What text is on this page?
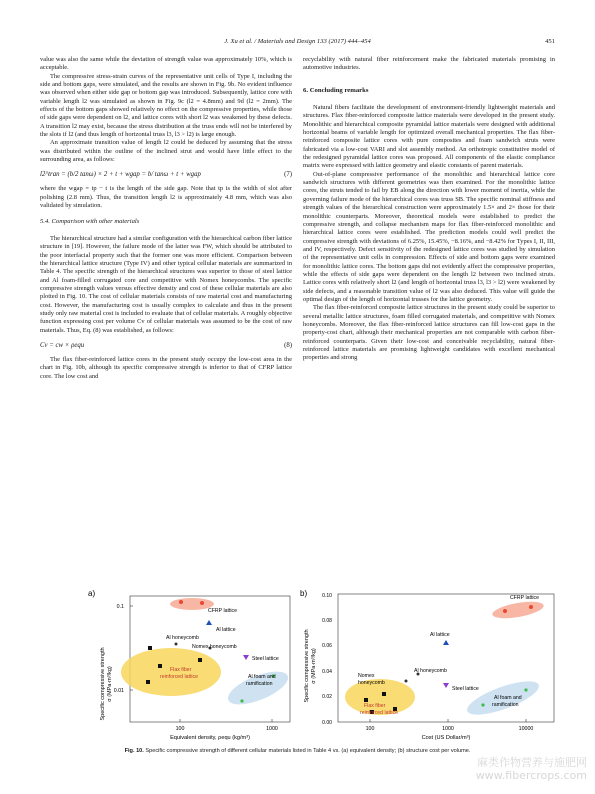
J. Xu et al. / Materials and Design 133 (2017) 444–454	451

value was also the same while the deviation of strength value was approximately 10%, which is acceptable.

The compressive stress-strain curves of the representative unit cells of Type I, including the side and bottom gaps, were simulated, and the results are shown in Fig. 9b. No evident influence was observed when either side gap or bottom gap was introduced. Subsequently, lattice core with variable length l2 was simulated as shown in Fig. 9c (l2 = 4.8mm) and 9d (l2 = 2mm). The effects of the bottom gaps showed relatively no effect on the compressive properties, while those of side gaps were dependent on l2, and lattice cores with short l2 was weakened by these defects. A transition l2 may exist, because the stress distribution at the truss ends will not be interfered by the slots if l2 (and thus length of horizontal truss l3, l3 > l2) is large enough.

An approximate transition value of length l2 could be deduced by assuming that the stress was distributed within the outline of the inclined strut and would have little effect to the surrounding area, as follows:

l2^tran = (b/2 tanω) × 2 + t + wgap = b/ tanω + t + wgap	(7)

where the wgap = tp − t is the length of the side gap. Note that tp is the width of slot after polishing (2.8 mm). Thus, the transition length l2 is approximately 4.8 mm, which was also validated by simulation.

5.4. Comparison with other materials

The hierarchical structure had a similar configuration with the hierarchical carbon fiber lattice structure in [19]. However, the failure mode of the latter was FW, which should be attributed to the poor interfacial property such that the former one was more efficient. Comparison between the hierarchical lattice structure (Type IV) and other typical cellular materials are summarized in Table 4. The specific strength of the hierarchical structures was superior to those of steel lattice and Al foam-filled corrugated core and competitive with Nomex honeycombs. The specific compressive strength values versus effective density and cost of these cellular materials are also plotted in Fig. 10. The cost of cellular materials consists of raw material cost and manufacturing cost. However, the manufacturing cost is usually complex to calculate and thus in the present study only raw material cost is included to evaluate that of cellular materials. A roughly objective function expressing cost per volume Cv of cellular materials was assumed to be the cost of raw materials. Thus, Eq. (8) was established, as follows:

Cv = cw × ρequ	(8)

The flax fiber-reinforced lattice cores in the present study occupy the low-cost area in the chart in Fig. 10b, although its specific compressive strength is inferior to that of CFRP lattice core. The low cost and

recyclability with natural fiber reinforcement make the fabricated materials promising in automotive industries.

6. Concluding remarks

Natural fibers facilitate the development of environment-friendly lightweight materials and structures. Flax fiber-reinforced composite lattice materials were developed in the present study. Monolithic and hierarchical composite pyramidal lattice materials were designed with additional horizontal beams of variable length for optimized overall mechanical properties. The flax fiber-reinforced composite lattice cores with pure composites and foam sandwich struts were fabricated via a low-cost VARI and slot assembly method. An orthotropic constitutive model of the redesigned pyramidal lattice cores was proposed. All components of the elastic compliance matrix were expressed with lattice geometry and elastic constants of parent materials.

Out-of-plane compressive performance of the monolithic and hierarchical lattice core sandwich structures with different geometries was then examined. For the monolithic lattice cores, the struts tended to fail by EB along the direction with lower moment of inertia, while the governing failure mode of the hierarchical cores was truss SB. The specific nominal stiffness and strength values of the hierarchical construction were approximately 1.5× and 2× those for their monolithic counterparts. Moreover, theoretical models were established to predict the compressive strength, and collapse mechanism maps for flax fiber-reinforced monolithic and hierarchical lattice cores were established. The prediction models could well predict the compressive strength with deviations of 6.25%, 15.45%, −8.16%, and −8.42% for Types I, II, III, and IV, respectively. Defect sensitivity of the redesigned lattice cores was studied by simulation of the representative unit cells in compression. Effects of side and bottom gaps were examined for monolithic lattice cores. The bottom gaps did not evidently affect the compressive properties, while the effects of side gaps were dependent on the length l2 between two inclined struts. Lattice cores with relatively short l2 (and length of horizontal truss l3, l3 > l2) were weakened by side defects, and a reasonable transition value of l2 was also deduced. This value will guide the optimal design of the length of horizontal trusses for the lattice geometry.

The flax fiber-reinforced composite lattice structures in the present study could be superior to several metallic lattice structures, foam filled corrugated materials, and competitive with Nomex honeycombs. Moreover, the flax fiber-reinforced lattice structures can fill low-cost gaps in the property-cost chart, although their mechanical properties are not comparable with carbon fiber-reinforced counterparts. Given their low-cost and conceivable recyclability, natural fiber-reinforced lattice materials are promising lightweight candidates with excellent mechanical properties and strong

a)
Specific compressive strength σ (MPa·m³/kg)
CFRP lattice
Al lattice
Al honeycomb
Nomex honeycomb
Steel lattice
Flax fiber
reinforced lattice	Al foam and
ramification
0.1
0.01
100	1000
Equivalent density, ρequ (kg/m³)
b)
Specific compressive strength σ (MPa·m³/kg)
CFRP lattice
Al lattice
Al honeycomb
Nomex
honeycomb
Steel lattice
Flax fiber
reinforced lattice
Al foam and
ramification
0.10
0.08
0.06
0.04
0.02
0.00
100	1000	10000
Cost (US Dollar/m³)
Fig. 10. Specific compressive strength of different cellular materials listed in Table 4 vs. (a) equivalent density; (b) structure cost per volume.
麻类作物营养与施肥网
www.fibercrops.com
